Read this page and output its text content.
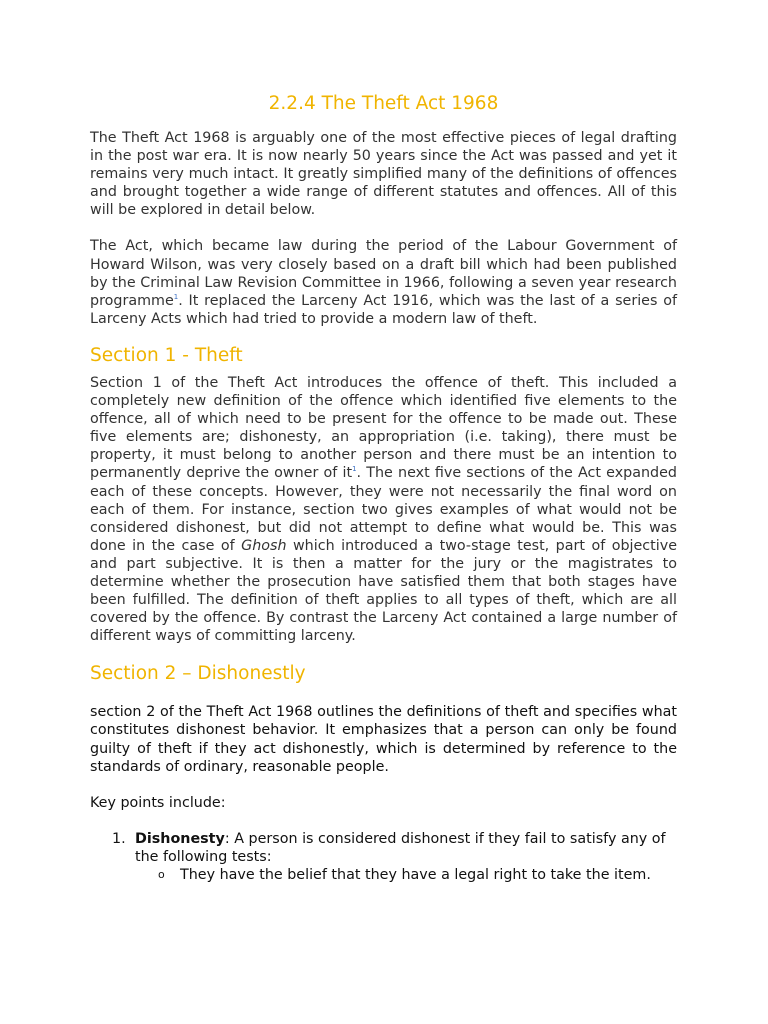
2.2.4 The Theft Act 1968

The Theft Act 1968 is arguably one of the most effective pieces of legal drafting in the post war era. It is now nearly 50 years since the Act was passed and yet it remains very much intact. It greatly simplified many of the definitions of offences and brought together a wide range of different statutes and offences. All of this will be explored in detail below.

The Act, which became law during the period of the Labour Government of Howard Wilson, was very closely based on a draft bill which had been published by the Criminal Law Revision Committee in 1966, following a seven year research programme$^1$. It replaced the Larceny Act 1916, which was the last of a series of Larceny Acts which had tried to provide a modern law of theft.

Section 1 - Theft

Section 1 of the Theft Act introduces the offence of theft. This included a completely new definition of the offence which identified five elements to the offence, all of which need to be present for the offence to be made out. These five elements are; dishonesty, an appropriation (i.e. taking), there must be property, it must belong to another person and there must be an intention to permanently deprive the owner of it$^1$. The next five sections of the Act expanded each of these concepts. However, they were not necessarily the final word on each of them. For instance, section two gives examples of what would not be considered dishonest, but did not attempt to define what would be. This was done in the case of Ghosh which introduced a two-stage test, part of objective and part subjective. It is then a matter for the jury or the magistrates to determine whether the prosecution have satisfied them that both stages have been fulfilled. The definition of theft applies to all types of theft, which are all covered by the offence. By contrast the Larceny Act contained a large number of different ways of committing larceny.

Section 2 – Dishonestly

section 2 of the Theft Act 1968 outlines the definitions of theft and specifies what constitutes dishonest behavior. It emphasizes that a person can only be found guilty of theft if they act dishonestly, which is determined by reference to the standards of ordinary, reasonable people.

Key points include:

1. Dishonesty: A person is considered dishonest if they fail to satisfy any of the following tests:
o They have the belief that they have a legal right to take the item.
